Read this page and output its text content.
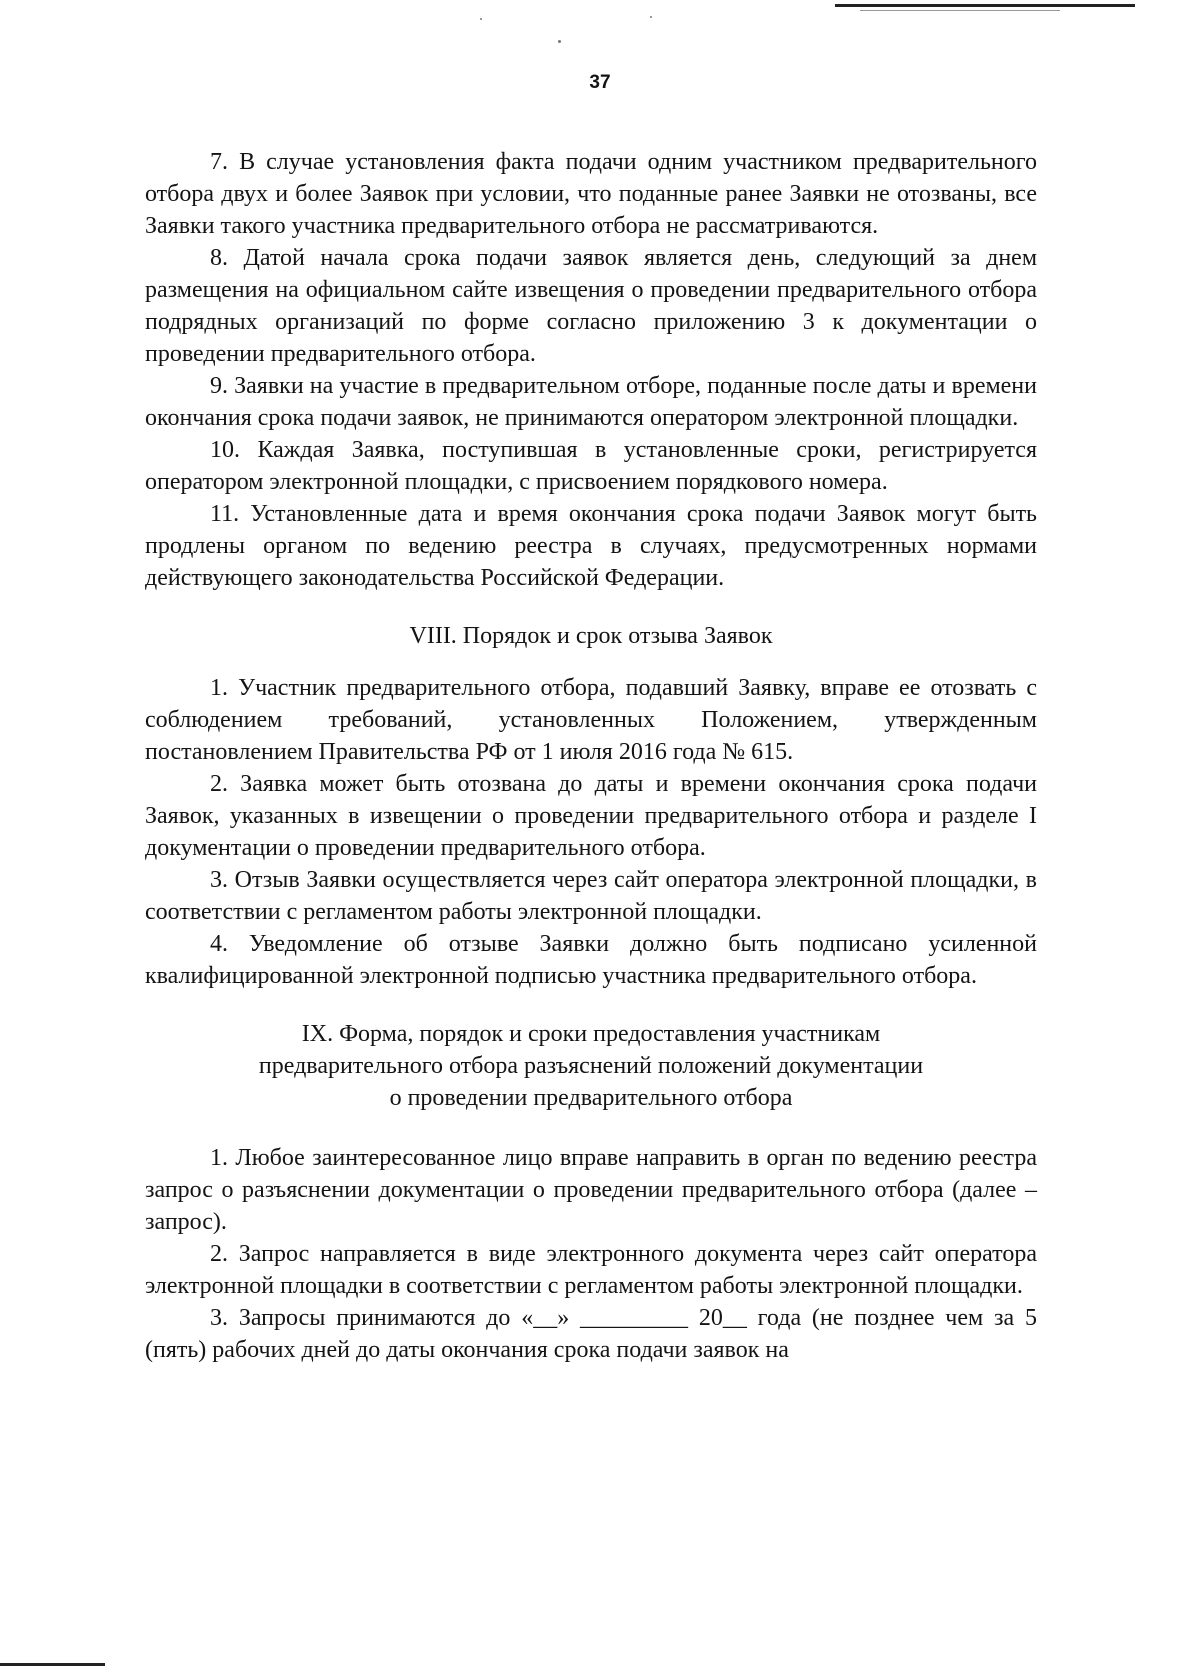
37

7. В случае установления факта подачи одним участником предварительного отбора двух и более Заявок при условии, что поданные ранее Заявки не отозваны, все Заявки такого участника предварительного отбора не рассматриваются.

8. Датой начала срока подачи заявок является день, следующий за днем размещения на официальном сайте извещения о проведении предварительного отбора подрядных организаций по форме согласно приложению 3 к документации о проведении предварительного отбора.

9. Заявки на участие в предварительном отборе, поданные после даты и времени окончания срока подачи заявок, не принимаются оператором электронной площадки.

10. Каждая Заявка, поступившая в установленные сроки, регистрируется оператором электронной площадки, с присвоением порядкового номера.

11. Установленные дата и время окончания срока подачи Заявок могут быть продлены органом по ведению реестра в случаях, предусмотренных нормами действующего законодательства Российской Федерации.

VIII. Порядок и срок отзыва Заявок

1. Участник предварительного отбора, подавший Заявку, вправе ее отозвать с соблюдением требований, установленных Положением, утвержденным постановлением Правительства РФ от 1 июля 2016 года № 615.

2. Заявка может быть отозвана до даты и времени окончания срока подачи Заявок, указанных в извещении о проведении предварительного отбора и разделе I документации о проведении предварительного отбора.

3. Отзыв Заявки осуществляется через сайт оператора электронной площадки, в соответствии с регламентом работы электронной площадки.

4. Уведомление об отзыве Заявки должно быть подписано усиленной квалифицированной электронной подписью участника предварительного отбора.

IX. Форма, порядок и сроки предоставления участникам
предварительного отбора разъяснений положений документации
о проведении предварительного отбора

1. Любое заинтересованное лицо вправе направить в орган по ведению реестра запрос о разъяснении документации о проведении предварительного отбора (далее – запрос).

2. Запрос направляется в виде электронного документа через сайт оператора электронной площадки в соответствии с регламентом работы электронной площадки.

3. Запросы принимаются до «__» _________ 20__ года (не позднее чем за 5 (пять) рабочих дней до даты окончания срока подачи заявок на
